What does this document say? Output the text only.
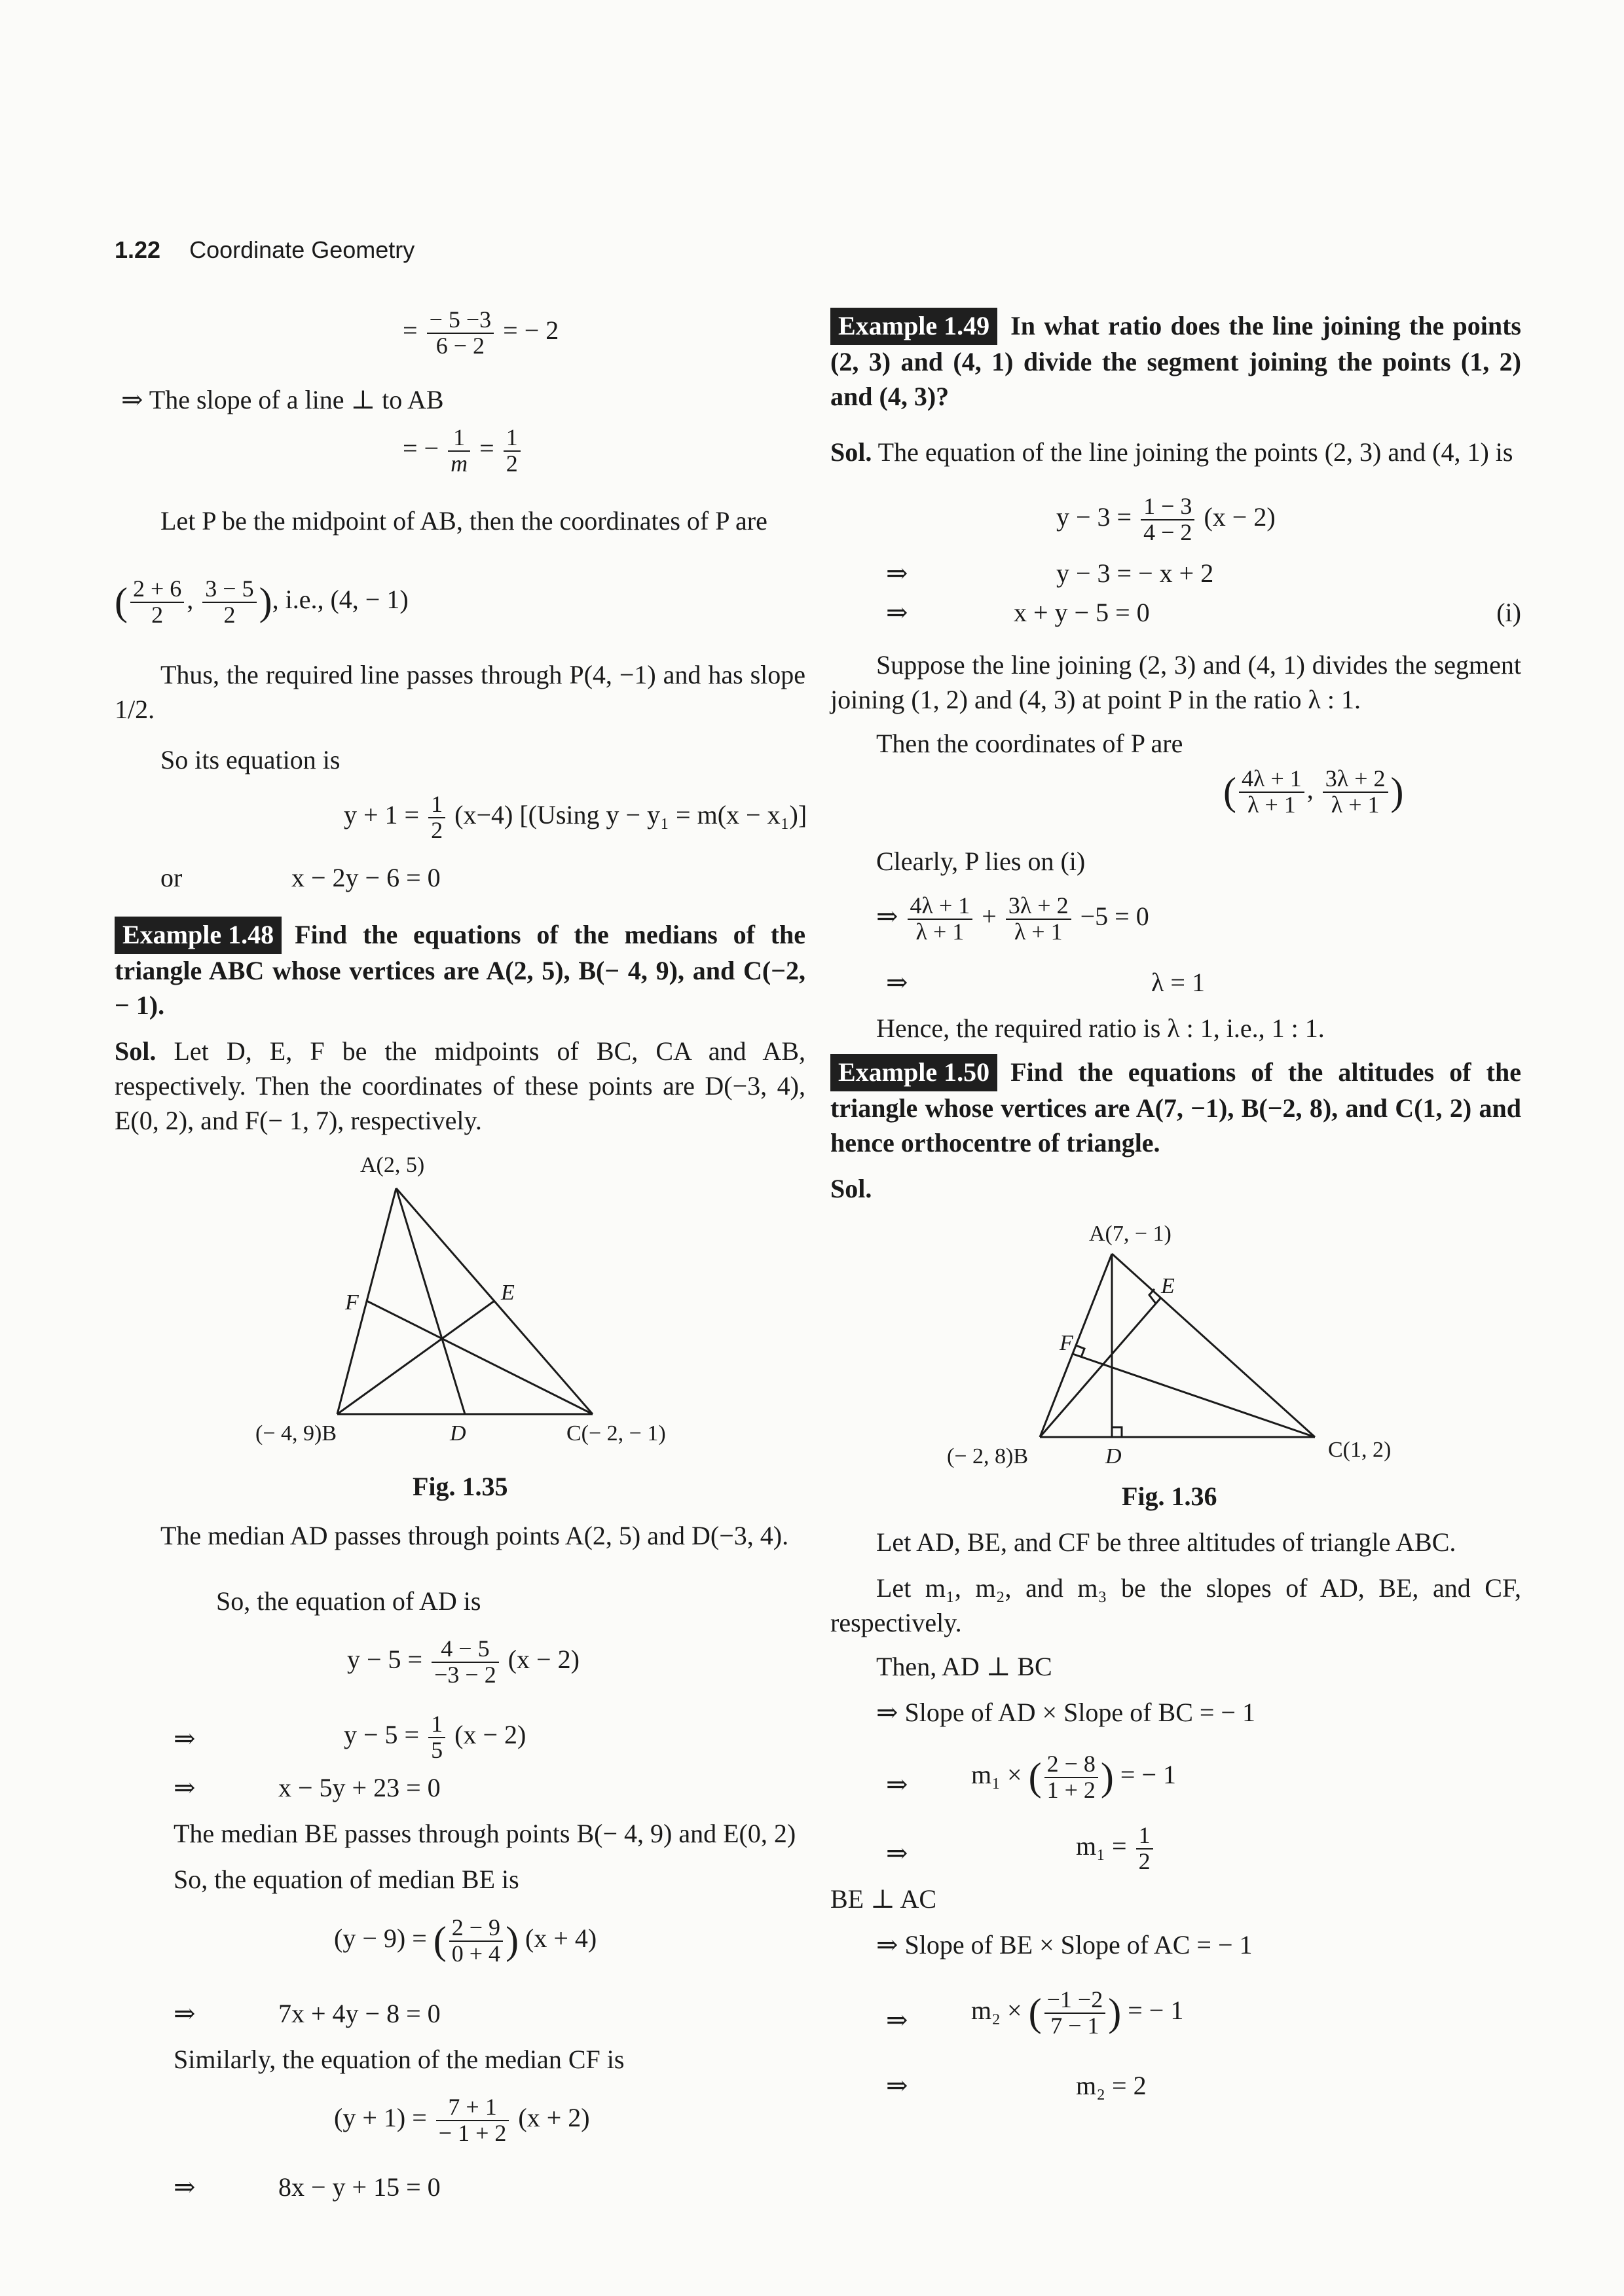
1.22 Coordinate Geometry
= $\frac{- 5 -3}{6 - 2}$ = − 2
⇒ The slope of a line ⊥ to AB
= − $\frac{1}{m} = \frac{1}{2}$
Let P be the midpoint of AB, then the coordinates of P are
( $\frac{2 + 6}{2}$ , $\frac{3 - 5}{2}$ ), i.e., (4, − 1)
Thus, the required line passes through P(4, −1) and has slope 1/2.
So its equation is
$y + 1 = \frac{1}{2} (x-4)$ [(Using y − y₁ = m(x − x₁)]
or	x − 2y − 6 = 0
Example 1.48 Find the equations of the medians of the triangle ABC whose vertices are A(2, 5), B(− 4, 9), and C(−2, − 1).
Sol. Let D, E, F be the midpoints of BC, CA and AB, respectively. Then the coordinates of these points are D(−3, 4), E(0, 2), and F(− 1, 7), respectively.
A(2, 5)
(− 4, 9)B	C(− 2, − 1)
D
E
F
Fig. 1.35
The median AD passes through points A(2, 5) and D(−3, 4).
So, the equation of AD is
$y - 5 = \frac{4 - 5}{-3 - 2} (x - 2)$
⇒	$y - 5 = \frac{1}{5} (x - 2)$
⇒	x − 5y + 23 = 0
The median BE passes through points B(− 4, 9) and E(0, 2)
So, the equation of median BE is
(y − 9) = ( $\frac{2 - 9}{0 + 4}$ ) (x + 4)
⇒	7x + 4y − 8 = 0
Similarly, the equation of the median CF is
$(y + 1) = \frac{7 + 1}{- 1 + 2} (x + 2)$
⇒	8x − y + 15 = 0
Example 1.49 In what ratio does the line joining the points (2, 3) and (4, 1) divide the segment joining the points (1, 2) and (4, 3)?
Sol. The equation of the line joining the points (2, 3) and (4, 1) is
$y - 3 = \frac{1 - 3}{4 - 2} (x - 2)$
⇒	y − 3 = − x + 2
⇒	x + y − 5 = 0	(i)
Suppose the line joining (2, 3) and (4, 1) divides the segment joining (1, 2) and (4, 3) at point P in the ratio λ : 1.
Then the coordinates of P are
( $\frac{4\lambda + 1}{\lambda + 1}$ , $\frac{3\lambda + 2}{\lambda + 1}$ )
Clearly, P lies on (i)
⇒ $\frac{4\lambda + 1}{\lambda + 1} + \frac{3\lambda + 2}{\lambda + 1} -5 = 0$
⇒	λ = 1
Hence, the required ratio is λ : 1, i.e., 1 : 1.
Example 1.50 Find the equations of the altitudes of the triangle whose vertices are A(7, −1), B(−2, 8), and C(1, 2) and hence orthocentre of triangle.
Sol.
A(7, − 1)
(− 2, 8)B	C(1, 2)
D
E
F
Fig. 1.36
Let AD, BE, and CF be three altitudes of triangle ABC.
Let m₁, m₂, and m₃ be the slopes of AD, BE, and CF, respectively.
Then, AD ⊥ BC
⇒ Slope of AD × Slope of BC = − 1
⇒ m₁ × ( $\frac{2 - 8}{1 + 2}$ ) = − 1
⇒	$m_1 = \frac{1}{2}$
BE ⊥ AC
⇒ Slope of BE × Slope of AC = − 1
⇒ m₂ × ( $\frac{-1 -2}{7 - 1}$ ) = − 1
⇒	m₂ = 2
